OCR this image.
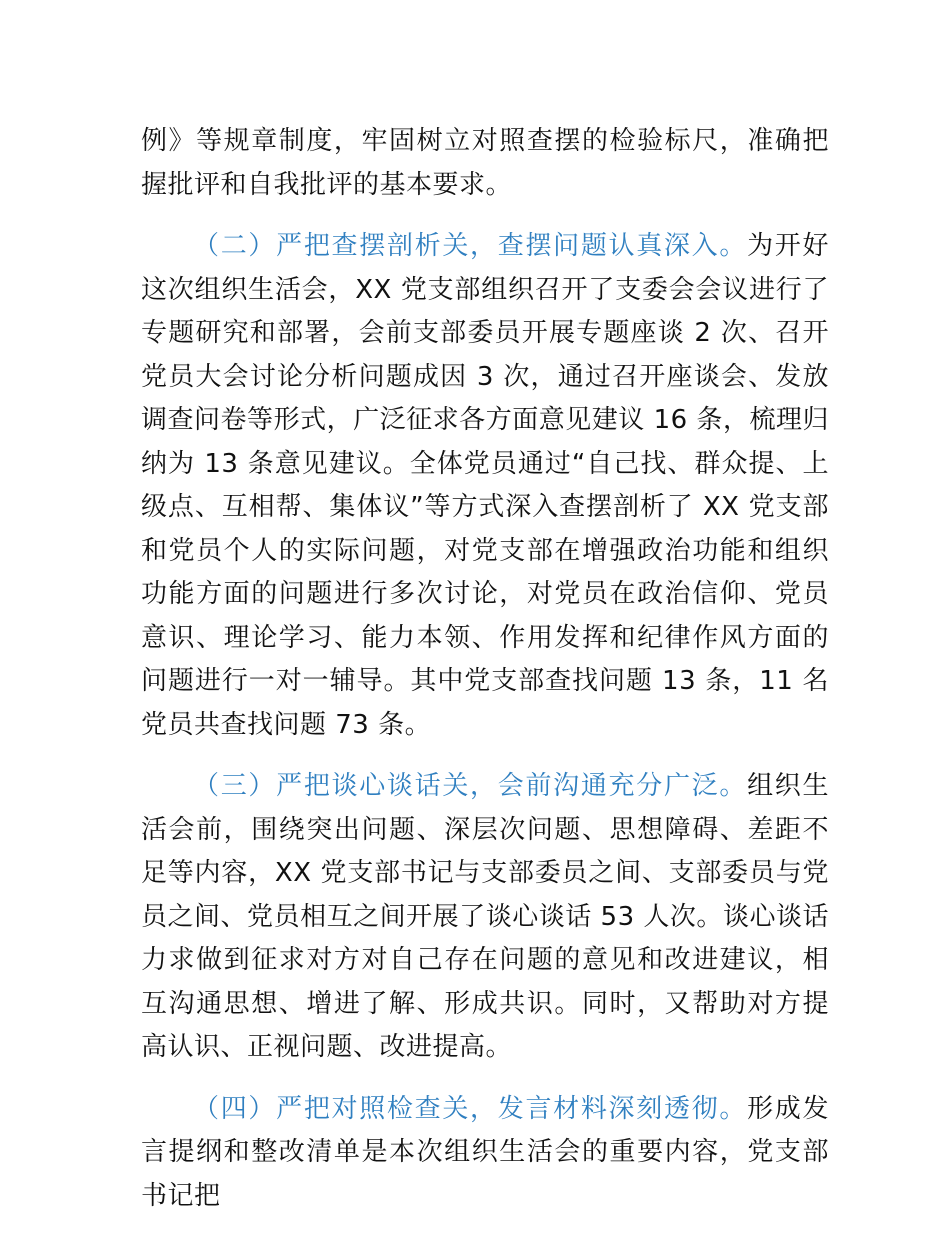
例》等规章制度，牢固树立对照查摆的检验标尺，准确把握批评和自我批评的基本要求。

（二）严把查摆剖析关，查摆问题认真深入。为开好这次组织生活会，XX 党支部组织召开了支委会会议进行了专题研究和部署，会前支部委员开展专题座谈 2 次、召开党员大会讨论分析问题成因 3 次，通过召开座谈会、发放调查问卷等形式，广泛征求各方面意见建议 16 条，梳理归纳为 13 条意见建议。全体党员通过“自己找、群众提、上级点、互相帮、集体议”等方式深入查摆剖析了 XX 党支部和党员个人的实际问题，对党支部在增强政治功能和组织功能方面的问题进行多次讨论，对党员在政治信仰、党员意识、理论学习、能力本领、作用发挥和纪律作风方面的问题进行一对一辅导。其中党支部查找问题 13 条，11 名党员共查找问题 73 条。

（三）严把谈心谈话关，会前沟通充分广泛。组织生活会前，围绕突出问题、深层次问题、思想障碍、差距不足等内容，XX 党支部书记与支部委员之间、支部委员与党员之间、党员相互之间开展了谈心谈话 53 人次。谈心谈话力求做到征求对方对自己存在问题的意见和改进建议，相互沟通思想、增进了解、形成共识。同时，又帮助对方提高认识、正视问题、改进提高。

（四）严把对照检查关，发言材料深刻透彻。形成发言提纲和整改清单是本次组织生活会的重要内容，党支部书记把
